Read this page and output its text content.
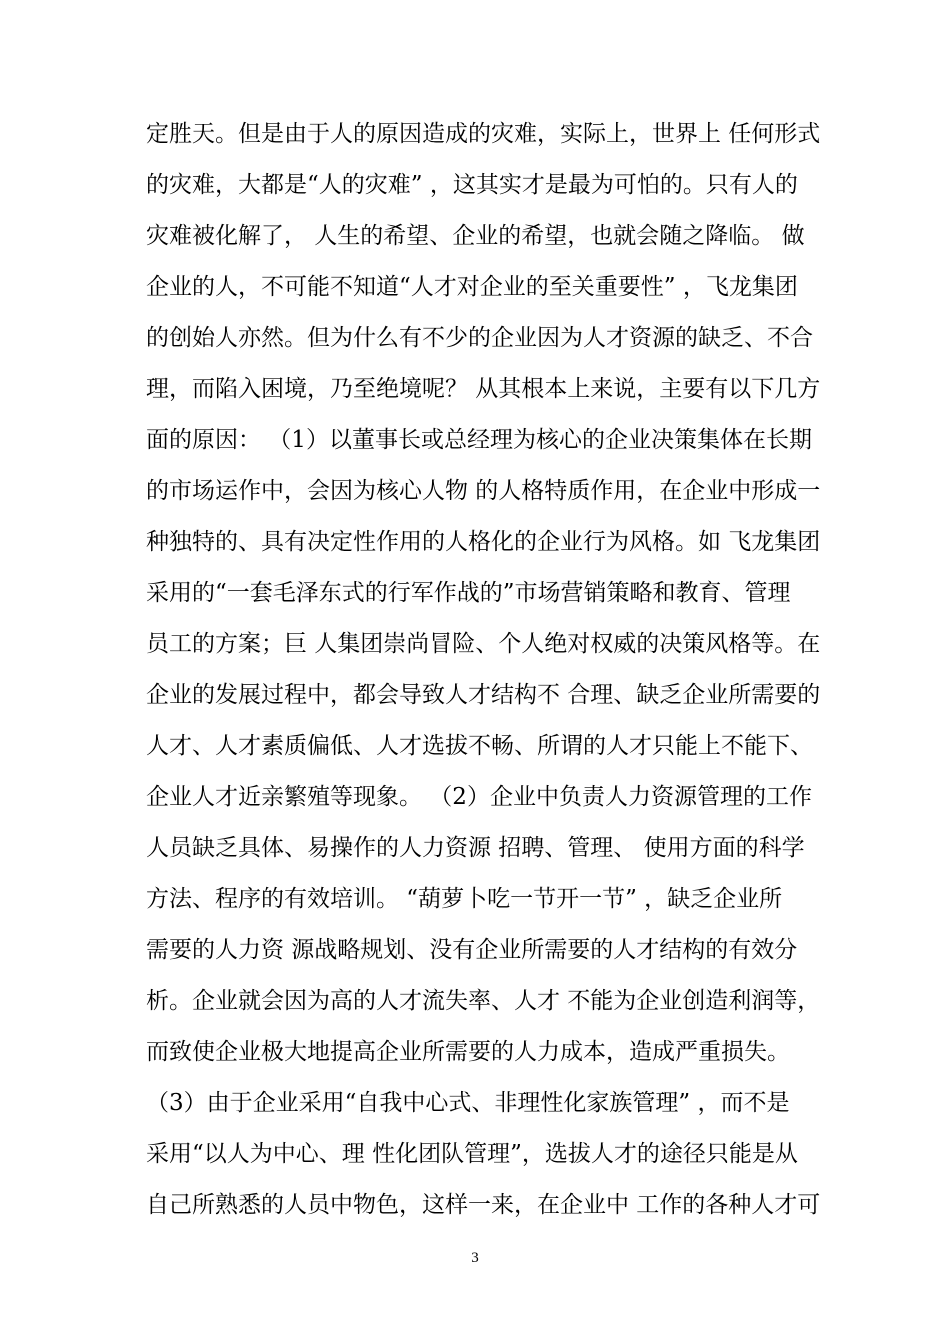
定胜天。但是由于人的原因造成的灾难，实际上，世界上 任何形式
的灾难，大都是“人的灾难” ，这其实才是最为可怕的。只有人的
灾难被化解了， 人生的希望、企业的希望，也就会随之降临。 做
企业的人，不可能不知道“人才对企业的至关重要性” ，飞龙集团
的创始人亦然。但为什么有不少的企业因为人才资源的缺乏、不合
理，而陷入困境，乃至绝境呢？ 从其根本上来说，主要有以下几方
面的原因： （1）以董事长或总经理为核心的企业决策集体在长期
的市场运作中，会因为核心人物 的人格特质作用，在企业中形成一
种独特的、具有决定性作用的人格化的企业行为风格。如 飞龙集团
采用的“一套毛泽东式的行军作战的”市场营销策略和教育、管理
员工的方案；巨 人集团崇尚冒险、个人绝对权威的决策风格等。在
企业的发展过程中，都会导致人才结构不 合理、缺乏企业所需要的
人才、人才素质偏低、人才选拔不畅、所谓的人才只能上不能下、
企业人才近亲繁殖等现象。 （2）企业中负责人力资源管理的工作
人员缺乏具体、易操作的人力资源 招聘、管理、 使用方面的科学
方法、程序的有效培训。 “葫萝卜吃一节开一节” ，缺乏企业所
需要的人力资 源战略规划、没有企业所需要的人才结构的有效分
析。企业就会因为高的人才流失率、人才 不能为企业创造利润等，
而致使企业极大地提高企业所需要的人力成本，造成严重损失。
（3）由于企业采用“自我中心式、非理性化家族管理” ，而不是
采用“以人为中心、理 性化团队管理”，选拔人才的途径只能是从
自己所熟悉的人员中物色，这样一来，在企业中 工作的各种人才可
3
